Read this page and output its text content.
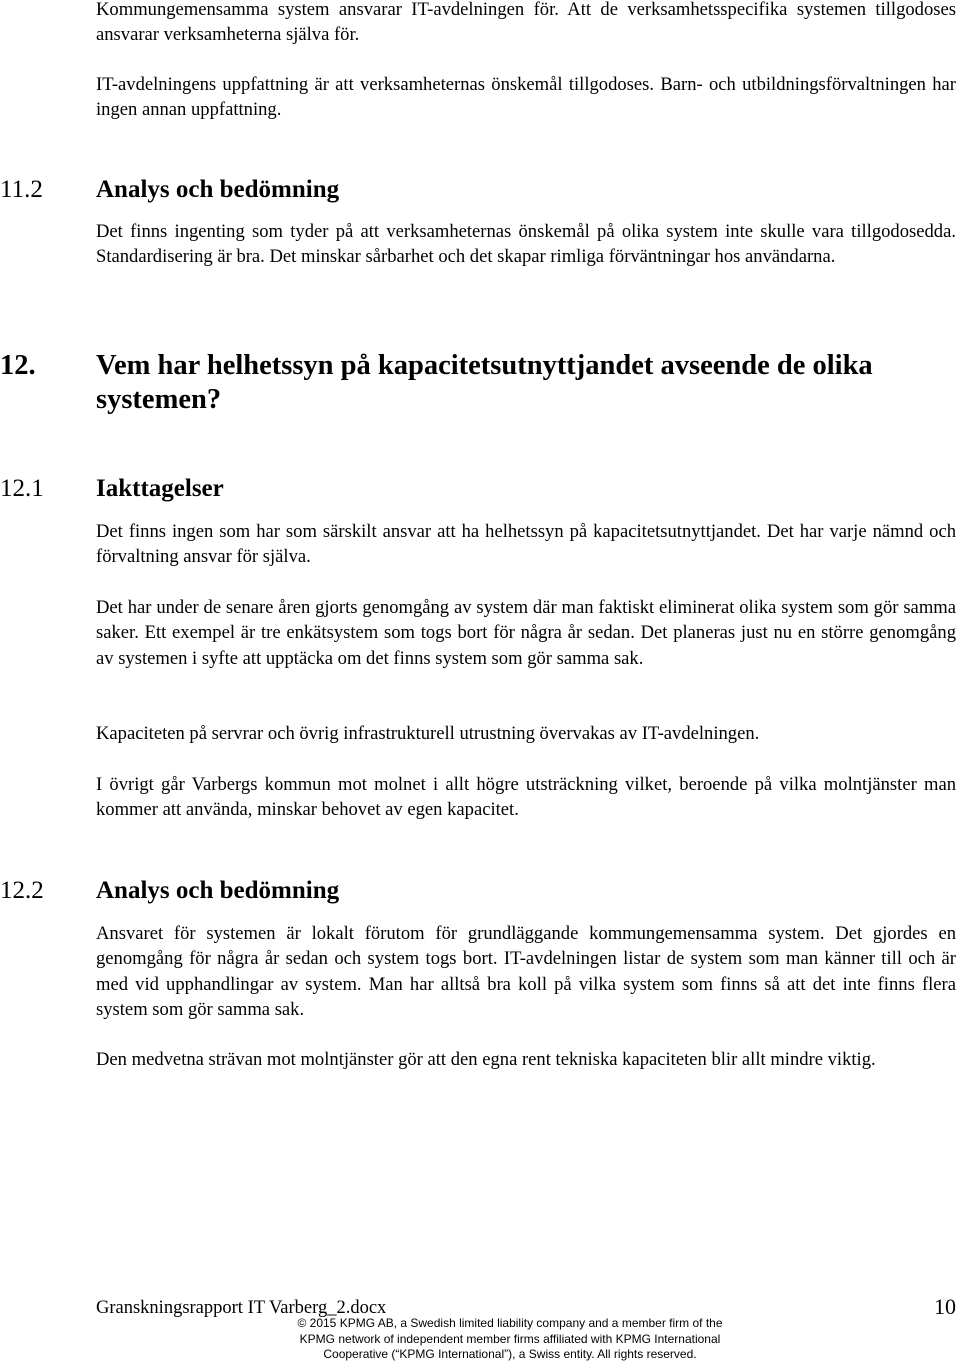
Kommungemensamma system ansvarar IT-avdelningen för. Att de verksamhetsspecifika systemen tillgodoses ansvarar verksamheterna själva för.

IT-avdelningens uppfattning är att verksamheternas önskemål tillgodoses. Barn- och utbildningsförvaltningen har ingen annan uppfattning.

11.2	Analys och bedömning

Det finns ingenting som tyder på att verksamheternas önskemål på olika system inte skulle vara tillgodosedda. Standardisering är bra. Det minskar sårbarhet och det skapar rimliga förväntningar hos användarna.

12.	Vem har helhetssyn på kapacitetsutnyttjandet avseende de olika systemen?
12.1	Iakttagelser

Det finns ingen som har som särskilt ansvar att ha helhetssyn på kapacitetsutnyttjandet. Det har varje nämnd och förvaltning ansvar för själva.

Det har under de senare åren gjorts genomgång av system där man faktiskt eliminerat olika system som gör samma saker. Ett exempel är tre enkätsystem som togs bort för några år sedan. Det planeras just nu en större genomgång av systemen i syfte att upptäcka om det finns system som gör samma sak.

Kapaciteten på servrar och övrig infrastrukturell utrustning övervakas av IT-avdelningen.

I övrigt går Varbergs kommun mot molnet i allt högre utsträckning vilket, beroende på vilka molntjänster man kommer att använda, minskar behovet av egen kapacitet.

12.2	Analys och bedömning

Ansvaret för systemen är lokalt förutom för grundläggande kommungemensamma system. Det gjordes en genomgång för några år sedan och system togs bort. IT-avdelningen listar de system som man känner till och är med vid upphandlingar av system. Man har alltså bra koll på vilka system som finns så att det inte finns flera system som gör samma sak.

Den medvetna strävan mot molntjänster gör att den egna rent tekniska kapaciteten blir allt mindre viktig.

Granskningsrapport IT Varberg_2.docx	10
© 2015 KPMG AB, a Swedish limited liability company and a member firm of the
KPMG network of independent member firms affiliated with KPMG International
Cooperative (“KPMG International”), a Swiss entity. All rights reserved.
